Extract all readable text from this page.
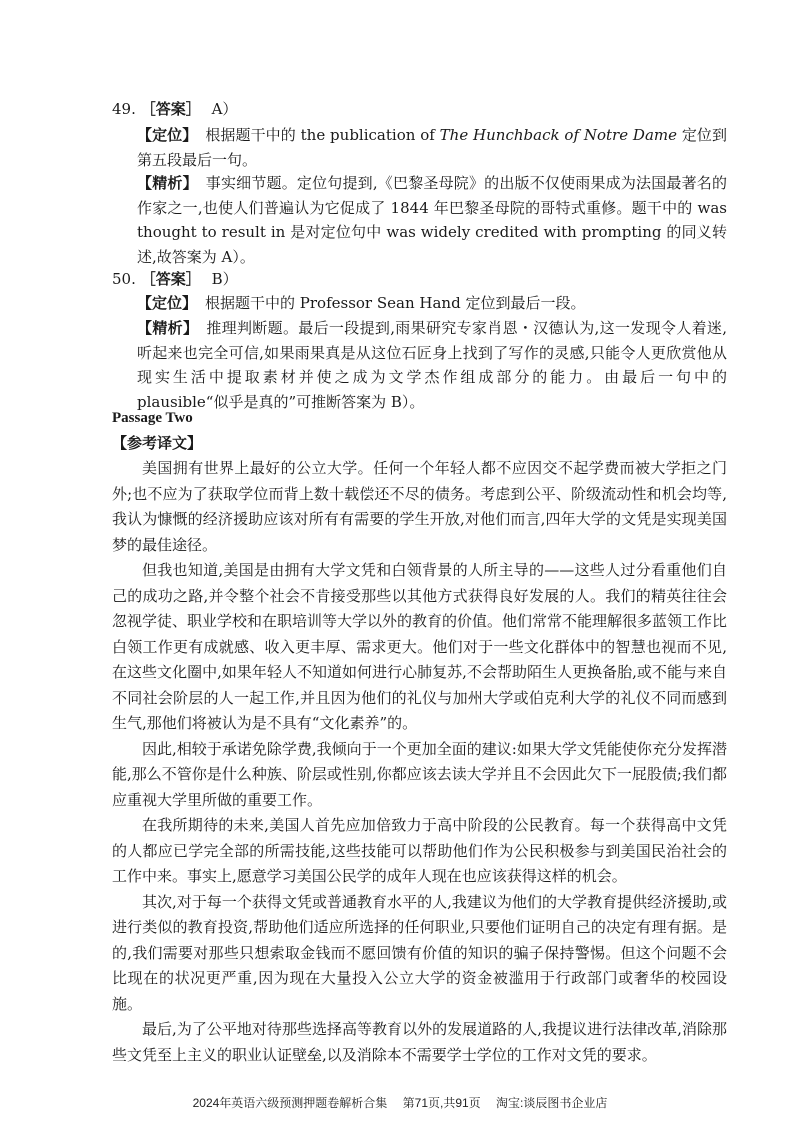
49. ［答案］ A）
【定位】 根据题干中的 the publication of The Hunchback of Notre Dame 定位到第五段最后一句。
【精析】 事实细节题。定位句提到,《巴黎圣母院》的出版不仅使雨果成为法国最著名的作家之一,也使人们普遍认为它促成了 1844 年巴黎圣母院的哥特式重修。题干中的 was thought to result in 是对定位句中 was widely credited with prompting 的同义转述,故答案为 A）。
50. ［答案］ B）
【定位】 根据题干中的 Professor Sean Hand 定位到最后一段。
【精析】 推理判断题。最后一段提到,雨果研究专家肖恩・汉德认为,这一发现令人着迷,听起来也完全可信,如果雨果真是从这位石匠身上找到了写作的灵感,只能令人更欣赏他从现实生活中提取素材并使之成为文学杰作组成部分的能力。由最后一句中的 plausible“似乎是真的”可推断答案为 B）。
Passage Two
【参考译文】

美国拥有世界上最好的公立大学。任何一个年轻人都不应因交不起学费而被大学拒之门外;也不应为了获取学位而背上数十载偿还不尽的债务。考虑到公平、阶级流动性和机会均等,我认为慷慨的经济援助应该对所有有需要的学生开放,对他们而言,四年大学的文凭是实现美国梦的最佳途径。

但我也知道,美国是由拥有大学文凭和白领背景的人所主导的——这些人过分看重他们自己的成功之路,并令整个社会不肯接受那些以其他方式获得良好发展的人。我们的精英往往会忽视学徒、职业学校和在职培训等大学以外的教育的价值。他们常常不能理解很多蓝领工作比白领工作更有成就感、收入更丰厚、需求更大。他们对于一些文化群体中的智慧也视而不见,在这些文化圈中,如果年轻人不知道如何进行心肺复苏,不会帮助陌生人更换备胎,或不能与来自不同社会阶层的人一起工作,并且因为他们的礼仪与加州大学或伯克利大学的礼仪不同而感到生气,那他们将被认为是不具有“文化素养”的。

因此,相较于承诺免除学费,我倾向于一个更加全面的建议:如果大学文凭能使你充分发挥潜能,那么不管你是什么种族、阶层或性别,你都应该去读大学并且不会因此欠下一屁股债;我们都应重视大学里所做的重要工作。

在我所期待的未来,美国人首先应加倍致力于高中阶段的公民教育。每一个获得高中文凭的人都应已学完全部的所需技能,这些技能可以帮助他们作为公民积极参与到美国民治社会的工作中来。事实上,愿意学习美国公民学的成年人现在也应该获得这样的机会。

其次,对于每一个获得文凭或普通教育水平的人,我建议为他们的大学教育提供经济援助,或进行类似的教育投资,帮助他们适应所选择的任何职业,只要他们证明自己的决定有理有据。是的,我们需要对那些只想索取金钱而不愿回馈有价值的知识的骗子保持警惕。但这个问题不会比现在的状况更严重,因为现在大量投入公立大学的资金被滥用于行政部门或奢华的校园设施。

最后,为了公平地对待那些选择高等教育以外的发展道路的人,我提议进行法律改革,消除那些文凭至上主义的职业认证壁垒,以及消除本不需要学士学位的工作对文凭的要求。

2024年英语六级预测押题卷解析合集 第71页,共91页 淘宝:谈辰图书企业店
